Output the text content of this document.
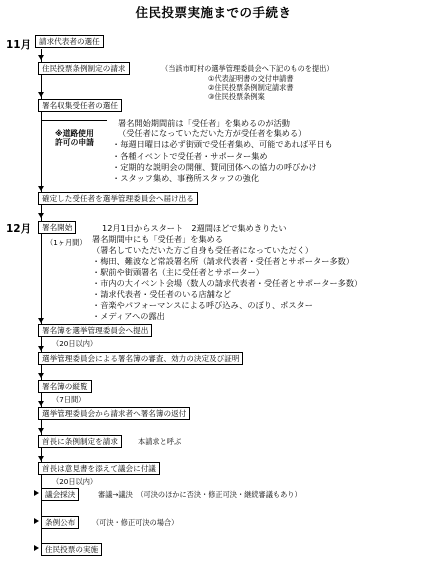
住民投票実施までの手続き
11月	請求代表者の選任
住民投票条例制定の請求	（当該市町村の選挙管理委員会へ下記のものを提出）
①代表証明書の交付申請書
②住民投票条例制定請求書
③住民投票条例案
署名収集受任者の選任
※道路使用
許可の申請
署名開始期間前は「受任者」を集めるのが活動
（受任者になっていただいた方が受任者を集める）
・毎週日曜日は必ず街頭で受任者集め、可能であれば平日も
・各種イベントで受任者・サポーター集め
・定期的な説明会の開催、賛同団体への協力の呼びかけ
・スタッフ集め、事務所スタッフの強化
確定した受任者を選挙管理委員会へ届け出る
12月	署名開始
（1ヶ月間）
12月1日からスタート　2週間ほどで集めきりたい
署名期間中にも「受任者」を集める
（署名していただいた方ご自身も受任者になっていただく）
・梅田、難波など常設署名所（請求代表者・受任者とサポーター多数）
・駅前や街頭署名（主に受任者とサポーター）
・市内の大イベント会場（数人の請求代表者・受任者とサポーター多数）
・請求代表者・受任者のいる店舗など
・音楽やパフォーマンスによる呼び込み、のぼり、ポスター
・メディアへの露出
署名簿を選挙管理委員会へ提出
（20日以内）
選挙管理委員会による署名簿の審査、効力の決定及び証明
署名簿の縦覧
（7日間）
選挙管理委員会から請求者へ署名簿の返付
首長に条例制定を請求	本請求と呼ぶ
首長は意見書を添えて議会に付議
（20日以内）
議会採決	審議→議決　（可決のほかに否決・修正可決・継続審議もあり）
条例公布	（可決・修正可決の場合）
住民投票の実施
